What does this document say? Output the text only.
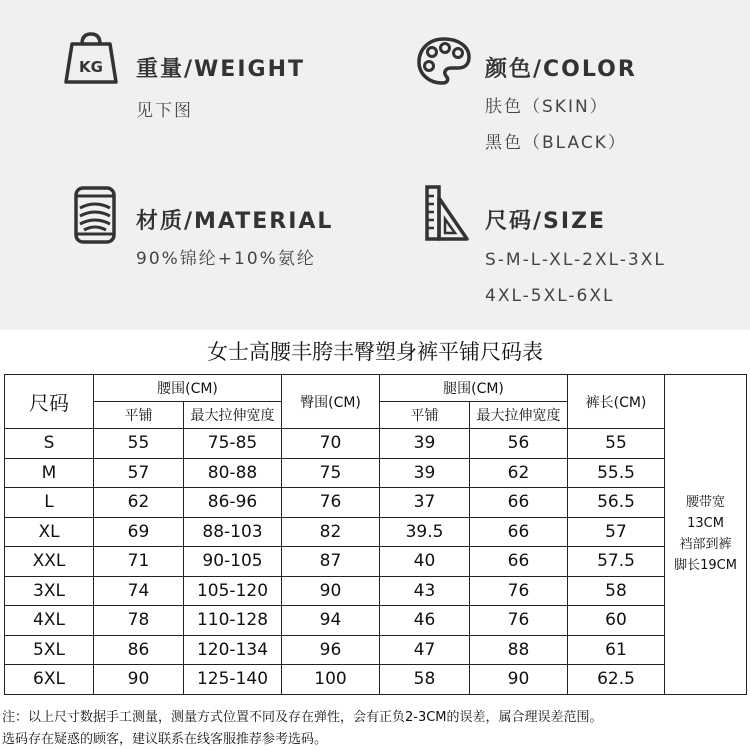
KG 重量/WEIGHT
见下图
颜色/COLOR
肤色（SKIN）
黑色（BLACK）
材质/MATERIAL
90%锦纶+10%氨纶
尺码/SIZE
S-M-L-XL-2XL-3XL
4XL-5XL-6XL
女士高腰丰胯丰臀塑身裤平铺尺码表
尺码	腰围(CM)		臀围(CM)	腿围(CM)		裤长(CM)	腰带宽
13CM
裆部到裤
脚长19CM

	平铺	最大拉伸宽度		平铺	最大拉伸宽度		
S	55	75-85	70	39	56	55	
M	57	80-88	75	39	62	55.5	
L	62	86-96	76	37	66	56.5	
XL	69	88-103	82	39.5	66	57	
XXL	71	90-105	87	40	66	57.5	
3XL	74	105-120	90	43	76	58	
4XL	78	110-128	94	46	76	60	
5XL	86	120-134	96	47	88	61	
6XL	90	125-140	100	58	90	62.5	
注：以上尺寸数据手工测量，测量方式位置不同及存在弹性，会有正负2-3CM的误差，属合理误差范围。
选码存在疑惑的顾客，建议联系在线客服推荐参考选码。
